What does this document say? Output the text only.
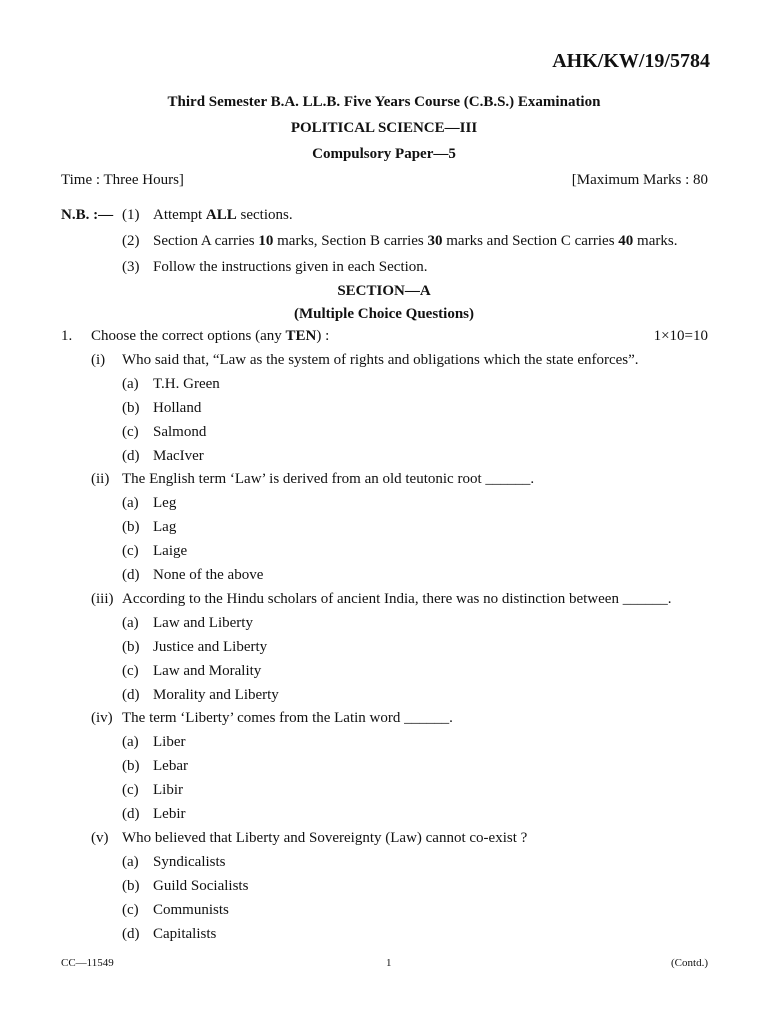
AHK/KW/19/5784
Third Semester B.A. LL.B. Five Years Course (C.B.S.) Examination
POLITICAL SCIENCE—III
Compulsory Paper—5
Time : Three Hours]	[Maximum Marks : 80
N.B. :— (1) Attempt ALL sections.
(2) Section A carries 10 marks, Section B carries 30 marks and Section C carries 40 marks.
(3) Follow the instructions given in each Section.
SECTION—A
(Multiple Choice Questions)
1. Choose the correct options (any TEN) :	1×10=10
(i) Who said that, “Law as the system of rights and obligations which the state enforces”.
(a) T.H. Green
(b) Holland
(c) Salmond
(d) MacIver
(ii) The English term ‘Law’ is derived from an old teutonic root ______.
(a) Leg
(b) Lag
(c) Laige
(d) None of the above
(iii) According to the Hindu scholars of ancient India, there was no distinction between ______.
(a) Law and Liberty
(b) Justice and Liberty
(c) Law and Morality
(d) Morality and Liberty
(iv) The term ‘Liberty’ comes from the Latin word ______.
(a) Liber
(b) Lebar
(c) Libir
(d) Lebir
(v) Who believed that Liberty and Sovereignty (Law) cannot co-exist ?
(a) Syndicalists
(b) Guild Socialists
(c) Communists
(d) Capitalists
CC—11549	1	(Contd.)
